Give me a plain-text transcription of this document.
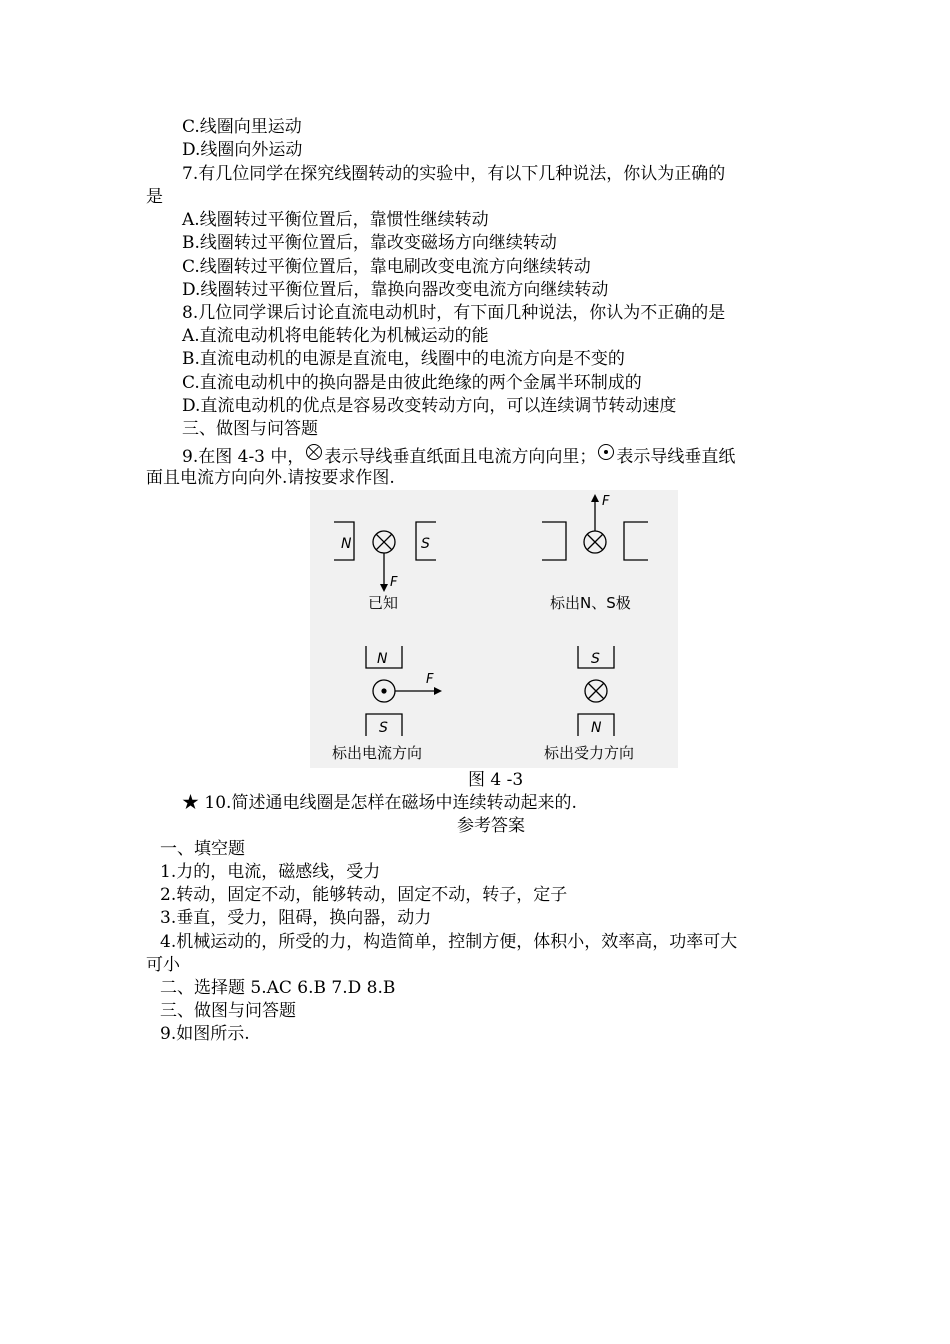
C.线圈向里运动
D.线圈向外运动
7.有几位同学在探究线圈转动的实验中，有以下几种说法，你认为正确的
是
A.线圈转过平衡位置后，靠惯性继续转动
B.线圈转过平衡位置后，靠改变磁场方向继续转动
C.线圈转过平衡位置后，靠电刷改变电流方向继续转动
D.线圈转过平衡位置后，靠换向器改变电流方向继续转动
8.几位同学课后讨论直流电动机时，有下面几种说法，你认为不正确的是
A.直流电动机将电能转化为机械运动的能
B.直流电动机的电源是直流电，线圈中的电流方向是不变的
C.直流电动机中的换向器是由彼此绝缘的两个金属半环制成的
D.直流电动机的优点是容易改变转动方向，可以连续调节转动速度
三、做图与问答题
9.在图 4-3 中， 表示导线垂直纸面且电流方向向里； 表示导线垂直纸
面且电流方向向外.请按要求作图.
N	S
F
已知
F
标出N、S极
N
F
S
标出电流方向
S
N
标出受力方向
图 4 -3
★ 10.简述通电线圈是怎样在磁场中连续转动起来的.
参考答案
一、填空题
1.力的，电流，磁感线，受力
2.转动，固定不动，能够转动，固定不动，转子，定子
3.垂直，受力，阻碍，换向器，动力
4.机械运动的，所受的力，构造简单，控制方便，体积小，效率高，功率可大
可小
二、选择题 5.AC 6.B 7.D 8.B
三、做图与问答题
9.如图所示.
